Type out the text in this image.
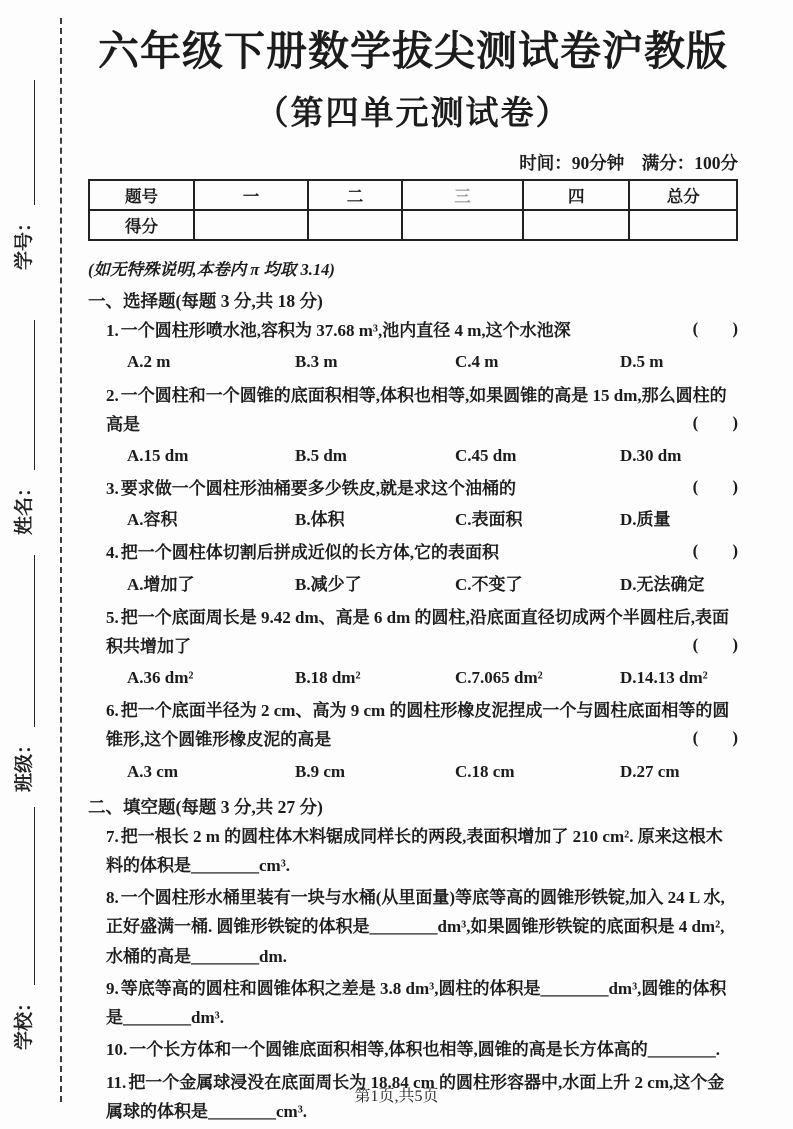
学号：
姓名：
班级：
学校：
六年级下册数学拔尖测试卷沪教版
（第四单元测试卷）
时间：90分钟　满分：100分
题号	一	二	三	四	总分
得分					
(如无特殊说明,本卷内 π 均取 3.14)
一、选择题(每题 3 分,共 18 分)

1. 一个圆柱形喷水池,容积为 37.68 m³,池内直径 4 m,这个水池深	(  )

A.2 m	B.3 m	C.4 m	D.5 m

2. 一个圆柱和一个圆锥的底面积相等,体积也相等,如果圆锥的高是 15 dm,那么圆柱的高是	(  )

A.15 dm	B.5 dm	C.45 dm	D.30 dm

3. 要求做一个圆柱形油桶要多少铁皮,就是求这个油桶的	(  )

A.容积	B.体积	C.表面积	D.质量

4. 把一个圆柱体切割后拼成近似的长方体,它的表面积	(  )

A.增加了	B.减少了	C.不变了	D.无法确定

5. 把一个底面周长是 9.42 dm、高是 6 dm 的圆柱,沿底面直径切成两个半圆柱后,表面积共增加了	(  )

A.36 dm²	B.18 dm²	C.7.065 dm²	D.14.13 dm²

6. 把一个底面半径为 2 cm、高为 9 cm 的圆柱形橡皮泥捏成一个与圆柱底面相等的圆锥形,这个圆锥形橡皮泥的高是	(  )

A.3 cm	B.9 cm	C.18 cm	D.27 cm
二、填空题(每题 3 分,共 27 分)

7. 把一根长 2 m 的圆柱体木料锯成同样长的两段,表面积增加了 210 cm². 原来这根木料的体积是________cm³.

8. 一个圆柱形水桶里装有一块与水桶(从里面量)等底等高的圆锥形铁锭,加入 24 L 水,正好盛满一桶. 圆锥形铁锭的体积是________dm³,如果圆锥形铁锭的底面积是 4 dm²,水桶的高是________dm.

9. 等底等高的圆柱和圆锥体积之差是 3.8 dm³,圆柱的体积是________dm³,圆锥的体积是________dm³.

10. 一个长方体和一个圆锥底面积相等,体积也相等,圆锥的高是长方体高的________.

11. 把一个金属球浸没在底面周长为 18.84 cm 的圆柱形容器中,水面上升 2 cm,这个金属球的体积是________cm³.

第1页,共5页
